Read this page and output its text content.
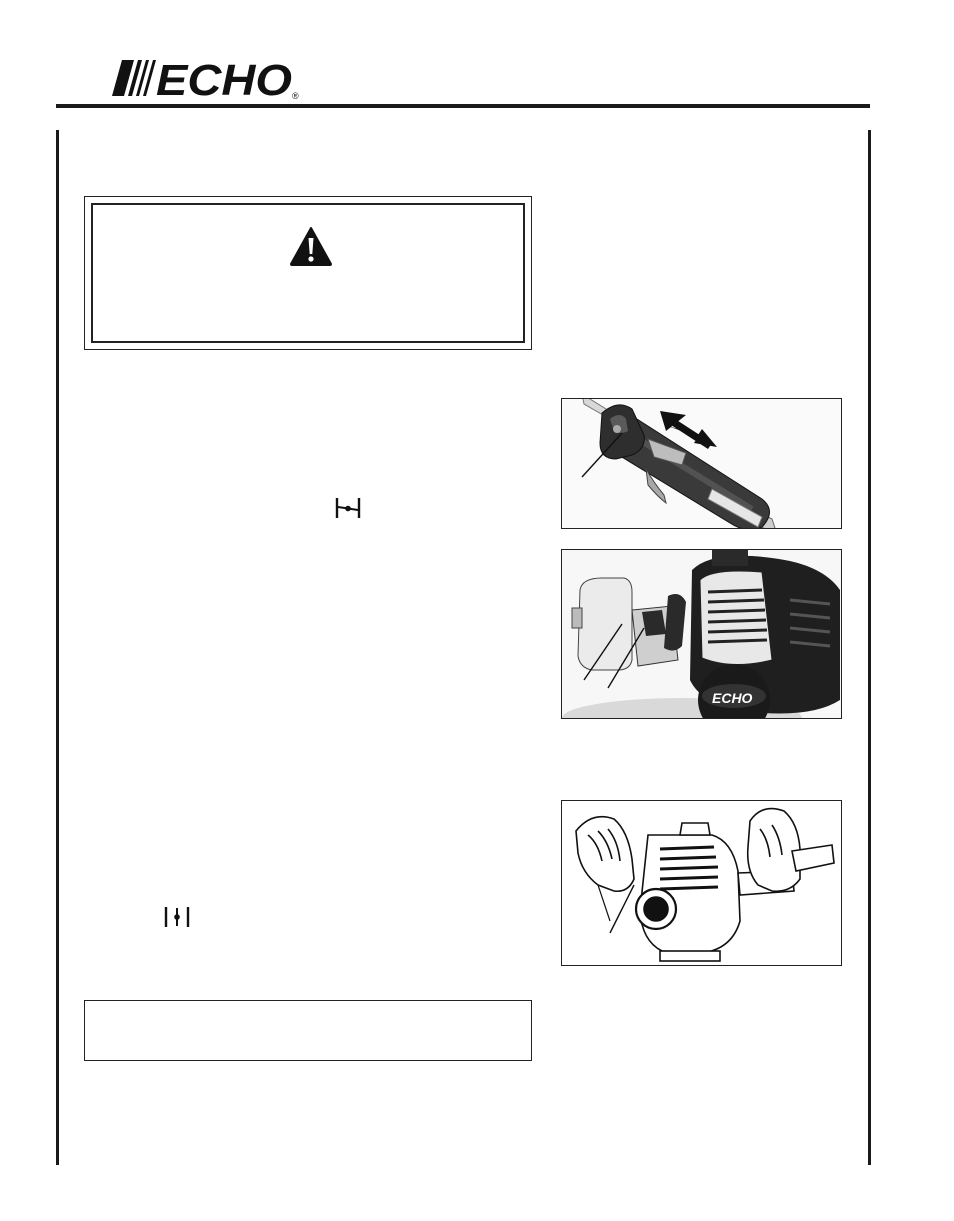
ECHO ®
ECHO
